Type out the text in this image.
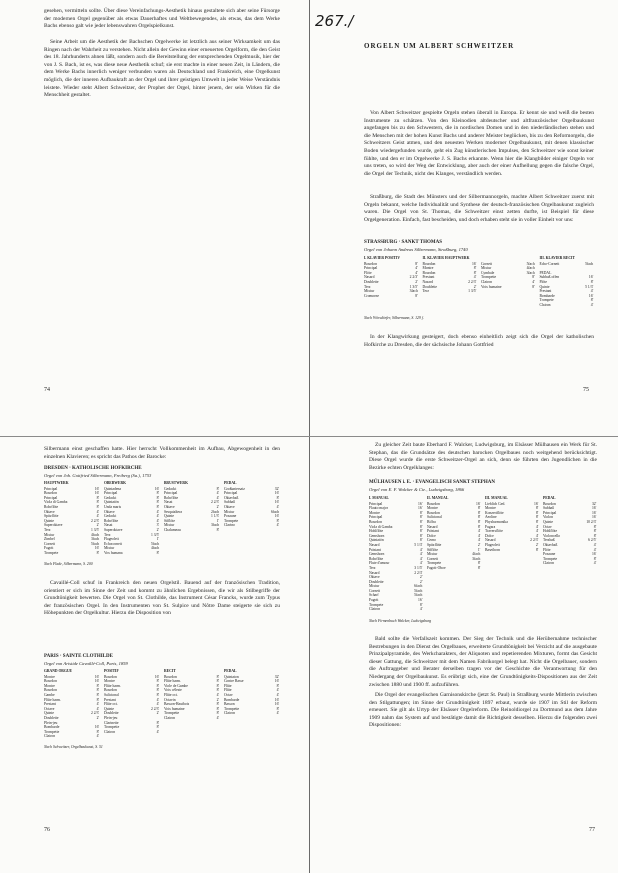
gesehen, vermitteln sollte. Über diese Vereinfachungs-Aesthetik hinaus gestaltete sich aber seine Fürsorge der modernen Orgel gegenüber als etwas Dauerhaftes und Weltbewegendes, als etwas, das dem Werke Bachs ebenso galt wie jeder lebenswahren Orgelspielkunst.

Seine Arbeit um die Aesthetik der Bachschen Orgelwerke ist letztlich aus seiner Wirksamkeit um das Ringen nach der Wahrheit zu verstehen. Nicht allein der Gewinn einer erneuerten Orgelform, die den Geist des 18. Jahrhunderts ahnen läßt, sondern auch die Bereitstellung der entsprechenden Orgelmusik, hier der von J. S. Bach, ist es, was diese neue Aesthetik schuf; sie erst machte in einer neuen Zeit, in Ländern, die dem Werke Bachs innerlich weniger verbunden waren als Deutschland und Frankreich, eine Orgelkunst möglich, die der inneren Aufbaukraft an der Orgel und ihrer geistigen Umwelt in jeder Weise Verständnis leistete. Wieder steht Albert Schweitzer, der Prophet der Orgel, hinter jenem, der sein Wirken für die Menschheit gestaltet.

74
267./
ORGELN UM ALBERT SCHWEITZER

Von Albert Schweitzer gespielte Orgeln stehen überall in Europa. Er kennt sie und weiß die besten Instrumente zu schätzen. Von den Kleinodien altdeutscher und altfranzösischer Orgelbaukunst angefangen bis zu den Schwestern, die in nordischen Domen und in den niederländischen stehen und die Menschen mit der hohen Kunst Bachs und anderer Meister beglücken, bis zu den Reformorgeln, die Schweitzers Geist atmen, und den neuesten Werken moderner Orgelbaukunst, mit denen klassischer Boden wiedergefunden wurde, geht ein Zug künstlerischen Impulses, den Schweitzer wie sonst keiner fühlte, und den er im Orgelwerke J. S. Bachs erkannte. Wenn hier die Klangbilder einiger Orgeln vor uns treten, so wird der Weg der Entwicklung, aber auch der einer Aufhellung gegen die falsche Orgel, die Orgel der Technik, nicht des Klanges, verständlich werden.

Straßburg, die Stadt des Münsters und der Silbermannorgeln, machte Albert Schweitzer zuerst mit Orgeln bekannt, welche Individualität und Synthese der deutsch-französischen Orgelbaukunst zugleich waren. Die Orgel von St. Thomas, die Schweitzer einst zetten durfte, ist Beispiel für diese Orgelgeneration. Einfach, fast bescheiden, und doch erhaben steht sie in voller Einheit vor uns:

STRASSBURG · SANKT THOMAS
Orgel von Johann Andreas Silbermann, Straßburg, 1740
I. KLAVIER POSITIV
Bourdon	8'
Principal	4'
Flöte	4'
Nasard	2 2/3'
Doublette	2'
Terz	1 3/5'
Mixtur	3fach
Cromorne	8'
II. KLAVIER HAUPTWERK
Bourdon	16'
Montre	8'
Bourdon	8'
Prestant	4'
Nasard	2 2/3'
Doublette	2'
Terz	1 3/5'

Cornett	5fach
Mixtur	4fach
Cymbale	3fach
Trompette	8'
Clairon	4'
Voix humaine	8'
III. KLAVIER RECIT
Echo-Cornett	5fach

PEDAL
Subbaß offen	16'
Flöte	8'
Quinte	5 1/3'
Prestant	4'
Bombarde	16'
Trompete	8'
Clairon	4'
Nach Wörsdörfer, Silbermann, S. 129 f.

In der Klangwirkung gesteigert, doch ebenso einheitlich zeigt sich die Orgel der katholischen Hofkirche zu Dresden, die der sächsische Johann Gottfried

75

Silbermann einst geschaffen hatte. Hier herrscht Vollkommenheit im Aufbau, Abgewogenheit in den einzelnen Klavieren; es spricht das Pathos der Barocke:

DRESDEN · KATHOLISCHE HOFKIRCHE
Orgel von Joh. Gottfried Silbermann, Freiberg (Sa.), 1753
HAUPTWERK
Principal	16'
Bourdon	16'
Principal	8'
Viola di Gamba	8'
Rohrflöte	8'
Oktave	4'
Spitzflöte	4'
Quinte	2 2/3'
Superoktave	2'
Terz	1 3/5'
Mixtur	4fach
Zimbel	3fach
Cornett	5fach
Fagott	16'
Trompete	8'
OBERWERK
Quintadena	16'
Principal	8'
Gedackt	8'
Quintatön	8'
Unda maris	8'
Oktave	4'
Gedackt	4'
Rohrflöte	4'
Nasat	3'
Superoktave	2'
Terz	1 3/5'
Flageolett	1'
Echocornett	5fach
Mixtur	4fach
Vox humana	8'
BRUSTWERK
Gedackt	8'
Principal	4'
Rohrflöte	4'
Nasat	2 2/3'
Oktave	2'
Sesquialtera	2fach
Quinte	1 1/3'
Sifflöte	1'
Mixtur	3fach
Chalumeau	8'
PEDAL
Großuntersatz	32'
Principal	16'
Oktavbaß	8'
Subbaß	16'
Oktave	4'
Mixtur	6fach
Posaune	16'
Trompete	8'
Clarino	4'
Nach Flade, Silbermann, S. 200

Cavaillé-Coll schuf in Frankreich den neuen Orgelstil. Bauend auf der französischen Tradition, orientiert er sich im Sinne der Zeit und kommt zu ähnlichen Ergebnissen, die wir als Stilbegriffe der Grundtönigkeit bewerten. Die Orgel von St. Clothilde, das Instrument César Francks, wurde zum Typus der französischen Orgel. In den Instrumenten von St. Sulpice und Nôtre Dame steigerte sie sich zu Höhepunkten der Orgelkultur. Hierzu die Disposition von

PARIS · SAINTE CLOTHILDE
Orgel von Aristide Cavaillé-Coll, Paris, 1859
GRAND ORGUE
Montre	16'
Bourdon	16'
Montre	8'
Bourdon	8'
Gambe	8'
Flûte harm.	8'
Prestant	4'
Octave	4'
Quinte	2 2/3'
Doublette	2'
Plein-jeu
Bombarde	16'
Trompette	8'
Clairon	4'
POSITIF
Bourdon	16'
Montre	8'
Flûte harm.	8'
Bourdon	8'
Salicional	8'
Prestant	4'
Flûte oct.	4'
Quinte	2 2/3'
Doublette	2'
Plein-jeu
Clarinette	8'
Trompette	8'
Clairon	4'
RECIT
Bourdon	8'
Flûte harm.	8'
Viole de Gambe	8'
Voix céleste	8'
Flûte oct.	4'
Octavin	2'
Basson-Hautbois	8'
Voix humaine	8'
Trompette	8'
Clairon	4'
PEDAL
Quintaton	32'
Contre Basse	16'
Flûte	8'
Flûte	4'
Octav	4'
Bombarde	16'
Basson	16'
Trompette	8'
Clairon	4'
Nach Schweitzer, Orgelbaukunst, S. 51
76

Zu gleicher Zeit baute Eberhard F. Walcker, Ludwigsburg, im Elsässer Mülhausen ein Werk für St. Stephan, das die Grundsätze des deutschen barocken Orgelbaues noch weitgehend berücksichtigt. Diese Orgel wurde die erste Schweitzer-Orgel an sich, denn sie führten den Jugendlichen in die Bezirke echten Orgelklanges:

MÜLHAUSEN i. E. · EVANGELISCH SANKT STEPHAN
Orgel von E. F. Walcker & Cie., Ludwigsburg, 1866
I. MANUAL
Principal	16'
Flauto major	16'
Montre	8'
Principal	8'
Bourdon	8'
Viola di Gamba	8'
Hohlflöte	8'
Gemshorn	8'
Quintatön	8'
Nasard	5 1/3'
Prästant	4'
Gemshorn	4'
Rohrflöte	4'
Flute d'amour	4'
Terz	3 1/5'
Nasard	2 2/3'
Oktave	2'
Doublette	2'
Mixtur	6fach
Cornett	5fach
Scharf	5fach
Fagott	16'
Trompete	8'
Clairon	4'
II. MANUAL
Bourdon	16'
Montre	8'
Bourdon	8'
Salicional	8'
Biffra	8'
Nasard	8'
Prästant	4'
Dolce	4'
Cerno	4'
Spitzflöte	2'
Sifflöte	1'
Mixtur	4fach
Cornett	3fach
Trompete	8'
Fagott-Oboe	8'
III. MANUAL
Lieblich Ged.	16'
Montre	8'
Konzertflöte	8'
Aeoline	8'
Physharmonika	8'
Fugara	4'
Traversflöte	4'
Dolce	4'
Nasard	2 2/3'
Flageolett	2'
Basethorn	8'
PEDAL
Bourdon	32'
Subbaß	16'
Principal	16'
Violon	16'
Quinte	10 2/3'
Octav	8'
Hohlflöte	8'
Violoncello	8'
Terzbaß	6 2/5'
Oktavbaß	4'
Flöte	4'
Posaune	16'
Trompete	8'
Clairon	4'
Nach Firmenbuch Walcker, Ludwigsburg

Bald sollte die Verfallszeit kommen. Der Sieg der Technik und die Herübernahme technischer Bestrebungen in den Dienst des Orgelbaues, erweiterte Grundtönigkeit bei Verzicht auf die ausgebaute Prinzipalpyramide, des Werkcharakters, der Aliquoten und repetierenden Mixturen, formt das Gesicht dieser Gattung, die Schweitzer mit dem Namen Fabrikorgel belegt hat. Nicht die Orgelbauer, sondern die Auftraggeber und Berater derselben tragen vor der Geschichte die Verantwortung für den Niedergang der Orgelbaukunst. Es erübrigt sich, eine der Grundtönigkeits-Dispositionen aus der Zeit zwischen 1880 und 1900 ff. aufzuführen.

Die Orgel der evangelischen Garnisonskirche (jetzt St. Paul) in Straßburg wurde Mittlerin zwischen den Stilgattungen; im Sinne der Grundtönigkeit 1897 erbaut, wurde sie 1907 im Stil der Reform erneuert. Sie gilt als Urtyp der Elsässer Orgelreform. Die Reinoldiorgel zu Dortmund aus dem Jahre 1909 nahm das System auf und bestätigte damit die Richtigkeit desselben. Hierzu die folgenden zwei Dispositionen:

77
